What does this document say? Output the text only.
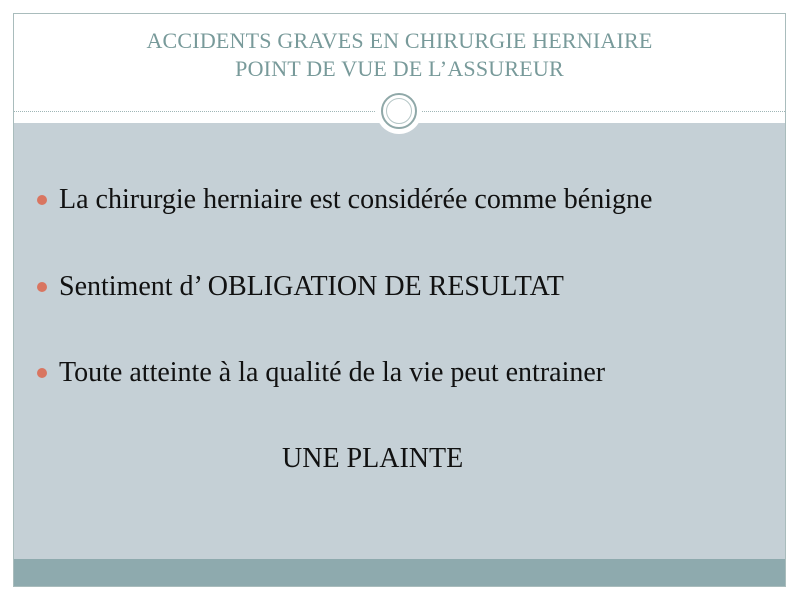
ACCIDENTS GRAVES EN CHIRURGIE HERNIAIRE
POINT DE VUE DE L’ASSUREUR
La chirurgie herniaire est considérée comme bénigne
Sentiment d’ OBLIGATION DE RESULTAT
Toute atteinte à la qualité de la vie peut entrainer
UNE PLAINTE
